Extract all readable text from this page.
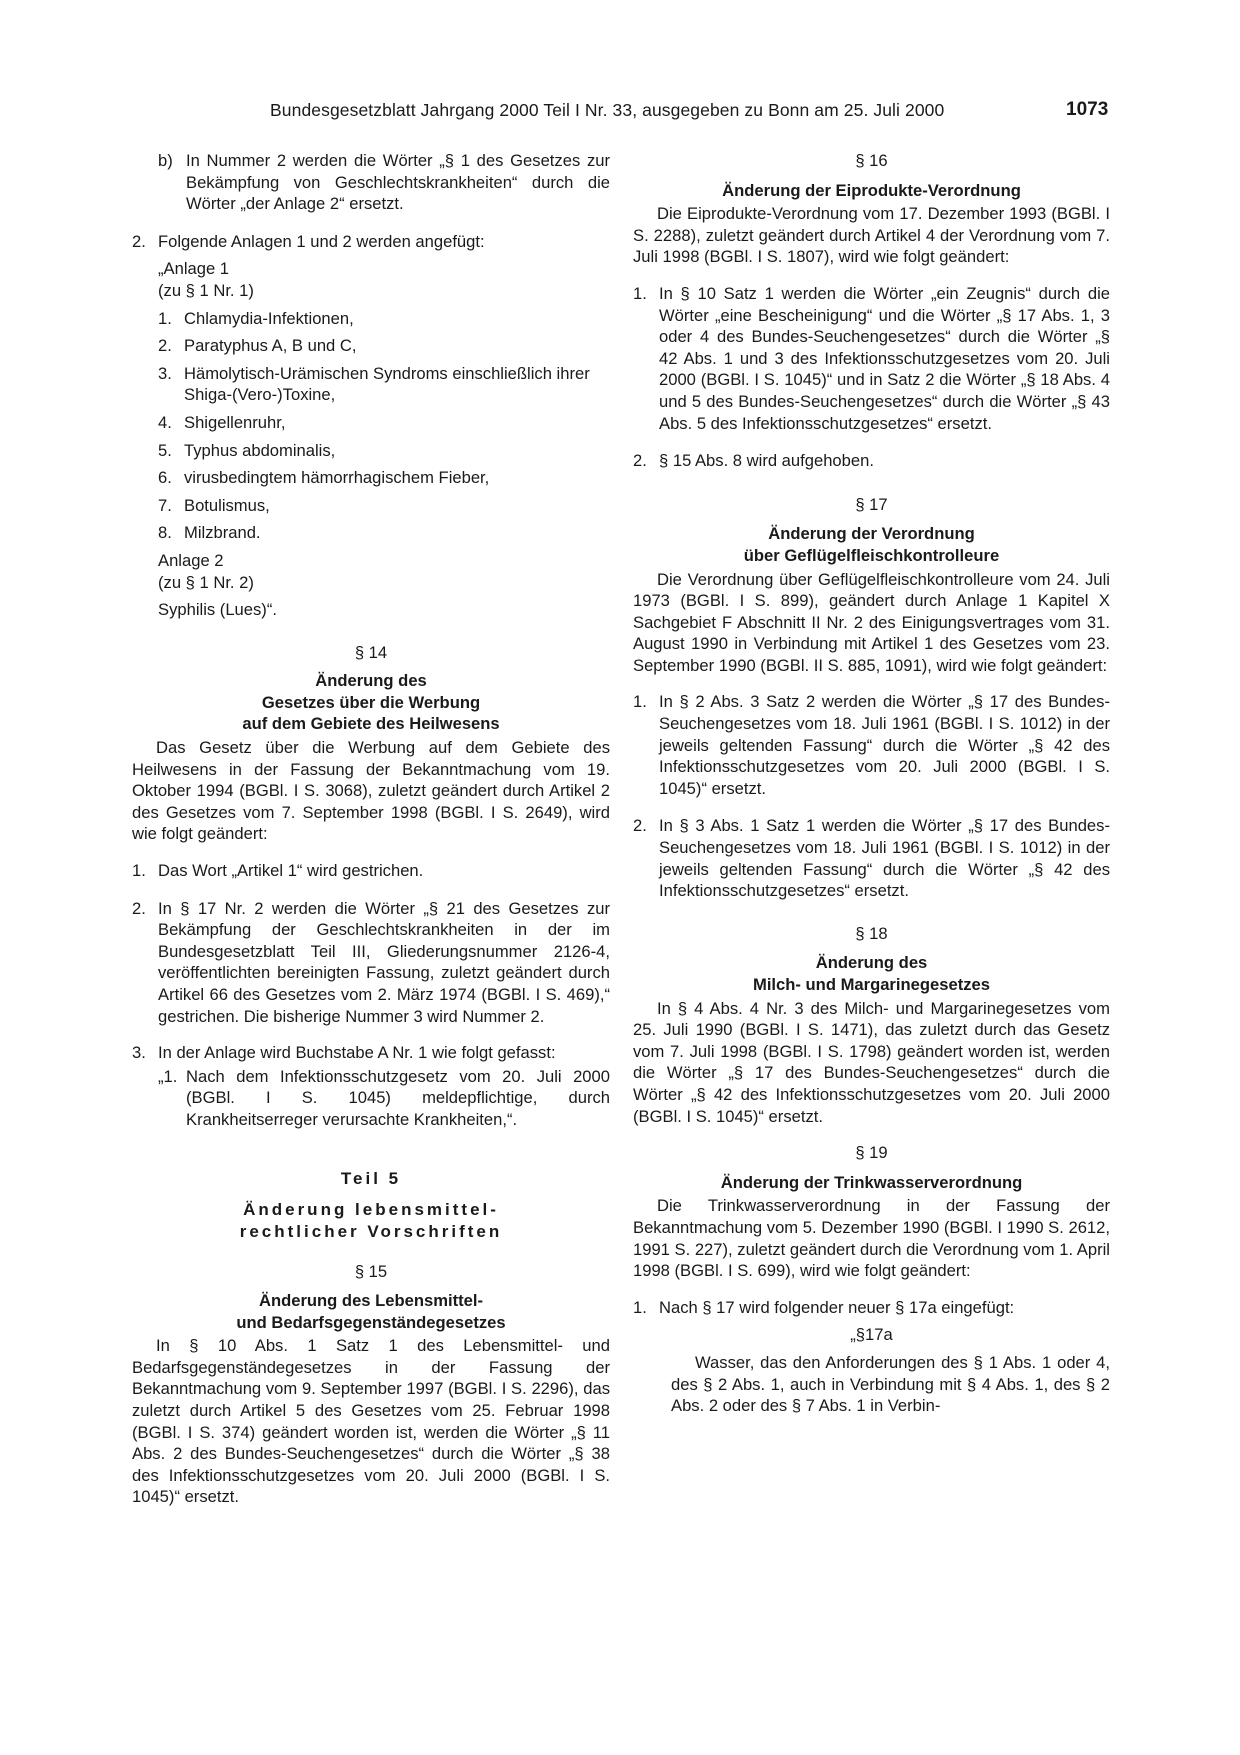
Bundesgesetzblatt Jahrgang 2000 Teil I Nr. 33, ausgegeben zu Bonn am 25. Juli 2000	1073
b) In Nummer 2 werden die Wörter „§ 1 des Gesetzes zur Bekämpfung von Geschlechtskrankheiten“ durch die Wörter „der Anlage 2“ ersetzt.
2. Folgende Anlagen 1 und 2 werden angefügt:
„Anlage 1
(zu § 1 Nr. 1)
1. Chlamydia-Infektionen,
2. Paratyphus A, B und C,
3. Hämolytisch-Urämischen Syndroms einschließlich ihrer Shiga-(Vero-)Toxine,
4. Shigellenruhr,
5. Typhus abdominalis,
6. virusbedingtem hämorrhagischem Fieber,
7. Botulismus,
8. Milzbrand.
Anlage 2
(zu § 1 Nr. 2)
Syphilis (Lues)“.
§ 14
Änderung des
Gesetzes über die Werbung
auf dem Gebiete des Heilwesens
Das Gesetz über die Werbung auf dem Gebiete des Heilwesens in der Fassung der Bekanntmachung vom 19. Oktober 1994 (BGBl. I S. 3068), zuletzt geändert durch Artikel 2 des Gesetzes vom 7. September 1998 (BGBl. I S. 2649), wird wie folgt geändert:
1. Das Wort „Artikel 1“ wird gestrichen.
2. In § 17 Nr. 2 werden die Wörter „§ 21 des Gesetzes zur Bekämpfung der Geschlechtskrankheiten in der im Bundesgesetzblatt Teil III, Gliederungsnummer 2126-4, veröffentlichten bereinigten Fassung, zuletzt geändert durch Artikel 66 des Gesetzes vom 2. März 1974 (BGBl. I S. 469),“ gestrichen. Die bisherige Nummer 3 wird Nummer 2.
3. In der Anlage wird Buchstabe A Nr. 1 wie folgt gefasst:
„1. Nach dem Infektionsschutzgesetz vom 20. Juli 2000 (BGBl. I S. 1045) meldepflichtige, durch Krankheitserreger verursachte Krankheiten,“.
Teil 5
Änderung lebensmittel-
rechtlicher Vorschriften
§ 15
Änderung des Lebensmittel-
und Bedarfsgegenständegesetzes
In § 10 Abs. 1 Satz 1 des Lebensmittel- und Bedarfsgegenständegesetzes in der Fassung der Bekanntmachung vom 9. September 1997 (BGBl. I S. 2296), das zuletzt durch Artikel 5 des Gesetzes vom 25. Februar 1998 (BGBl. I S. 374) geändert worden ist, werden die Wörter „§ 11 Abs. 2 des Bundes-Seuchengesetzes“ durch die Wörter „§ 38 des Infektionsschutzgesetzes vom 20. Juli 2000 (BGBl. I S. 1045)“ ersetzt.
§ 16
Änderung der Eiprodukte-Verordnung
Die Eiprodukte-Verordnung vom 17. Dezember 1993 (BGBl. I S. 2288), zuletzt geändert durch Artikel 4 der Verordnung vom 7. Juli 1998 (BGBl. I S. 1807), wird wie folgt geändert:
1. In § 10 Satz 1 werden die Wörter „ein Zeugnis“ durch die Wörter „eine Bescheinigung“ und die Wörter „§ 17 Abs. 1, 3 oder 4 des Bundes-Seuchengesetzes“ durch die Wörter „§ 42 Abs. 1 und 3 des Infektionsschutzgesetzes vom 20. Juli 2000 (BGBl. I S. 1045)“ und in Satz 2 die Wörter „§ 18 Abs. 4 und 5 des Bundes-Seuchengesetzes“ durch die Wörter „§ 43 Abs. 5 des Infektionsschutzgesetzes“ ersetzt.
2. § 15 Abs. 8 wird aufgehoben.
§ 17
Änderung der Verordnung
über Geflügelfleischkontrolleure
Die Verordnung über Geflügelfleischkontrolleure vom 24. Juli 1973 (BGBl. I S. 899), geändert durch Anlage 1 Kapitel X Sachgebiet F Abschnitt II Nr. 2 des Einigungsvertrages vom 31. August 1990 in Verbindung mit Artikel 1 des Gesetzes vom 23. September 1990 (BGBl. II S. 885, 1091), wird wie folgt geändert:
1. In § 2 Abs. 3 Satz 2 werden die Wörter „§ 17 des Bundes-Seuchengesetzes vom 18. Juli 1961 (BGBl. I S. 1012) in der jeweils geltenden Fassung“ durch die Wörter „§ 42 des Infektionsschutzgesetzes vom 20. Juli 2000 (BGBl. I S. 1045)“ ersetzt.
2. In § 3 Abs. 1 Satz 1 werden die Wörter „§ 17 des Bundes-Seuchengesetzes vom 18. Juli 1961 (BGBl. I S. 1012) in der jeweils geltenden Fassung“ durch die Wörter „§ 42 des Infektionsschutzgesetzes“ ersetzt.
§ 18
Änderung des
Milch- und Margarinegesetzes
In § 4 Abs. 4 Nr. 3 des Milch- und Margarinegesetzes vom 25. Juli 1990 (BGBl. I S. 1471), das zuletzt durch das Gesetz vom 7. Juli 1998 (BGBl. I S. 1798) geändert worden ist, werden die Wörter „§ 17 des Bundes-Seuchengesetzes“ durch die Wörter „§ 42 des Infektionsschutzgesetzes vom 20. Juli 2000 (BGBl. I S. 1045)“ ersetzt.
§ 19
Änderung der Trinkwasserverordnung
Die Trinkwasserverordnung in der Fassung der Bekanntmachung vom 5. Dezember 1990 (BGBl. I 1990 S. 2612, 1991 S. 227), zuletzt geändert durch die Verordnung vom 1. April 1998 (BGBl. I S. 699), wird wie folgt geändert:
1. Nach § 17 wird folgender neuer § 17a eingefügt:
„§17a
Wasser, das den Anforderungen des § 1 Abs. 1 oder 4, des § 2 Abs. 1, auch in Verbindung mit § 4 Abs. 1, des § 2 Abs. 2 oder des § 7 Abs. 1 in Verbin-
